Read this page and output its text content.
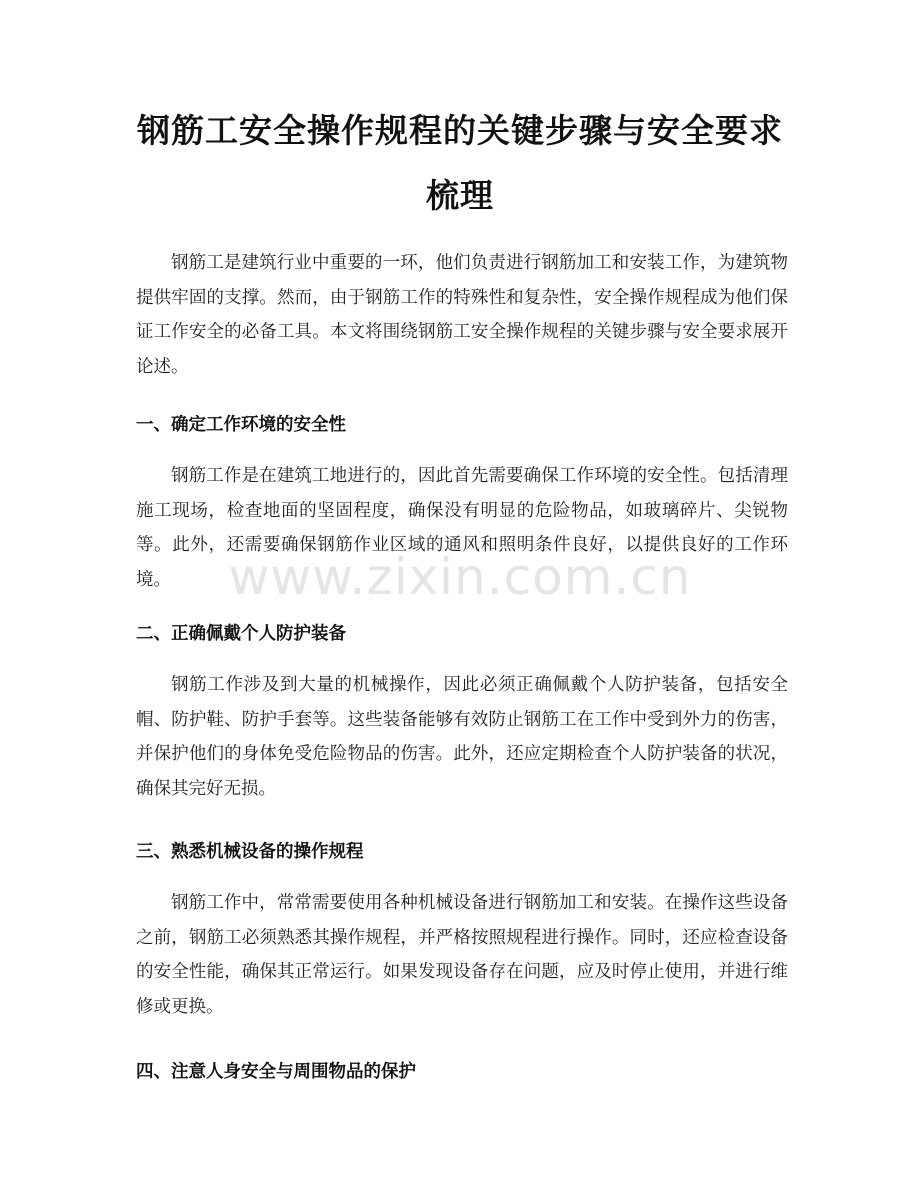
钢筋工安全操作规程的关键步骤与安全要求
梳理

钢筋工是建筑行业中重要的一环，他们负责进行钢筋加工和安装工作，为建筑物提供牢固的支撑。然而，由于钢筋工作的特殊性和复杂性，安全操作规程成为他们保证工作安全的必备工具。本文将围绕钢筋工安全操作规程的关键步骤与安全要求展开论述。

一、确定工作环境的安全性

钢筋工作是在建筑工地进行的，因此首先需要确保工作环境的安全性。包括清理施工现场，检查地面的坚固程度，确保没有明显的危险物品，如玻璃碎片、尖锐物等。此外，还需要确保钢筋作业区域的通风和照明条件良好，以提供良好的工作环境。

二、正确佩戴个人防护装备

钢筋工作涉及到大量的机械操作，因此必须正确佩戴个人防护装备，包括安全帽、防护鞋、防护手套等。这些装备能够有效防止钢筋工在工作中受到外力的伤害，并保护他们的身体免受危险物品的伤害。此外，还应定期检查个人防护装备的状况，确保其完好无损。

三、熟悉机械设备的操作规程

钢筋工作中，常常需要使用各种机械设备进行钢筋加工和安装。在操作这些设备之前，钢筋工必须熟悉其操作规程，并严格按照规程进行操作。同时，还应检查设备的安全性能，确保其正常运行。如果发现设备存在问题，应及时停止使用，并进行维修或更换。

四、注意人身安全与周围物品的保护
www.zixin.com.cn
